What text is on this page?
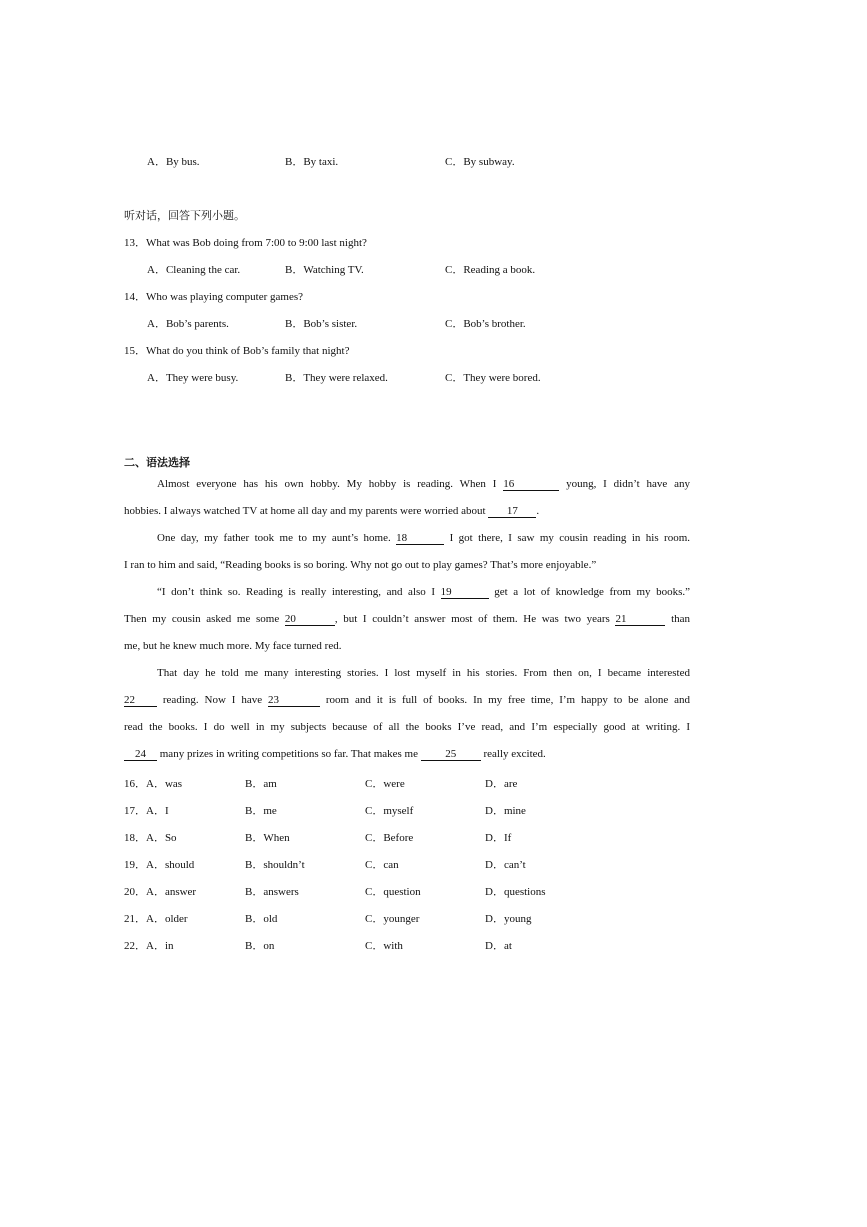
A．By bus.	B．By taxi.	C．By subway.
听对话，回答下列小题。
13．What was Bob doing from 7:00 to 9:00 last night?
A．Cleaning the car.	B．Watching TV.	C．Reading a book.
14．Who was playing computer games?
A．Bob’s parents.	B．Bob’s sister.	C．Bob’s brother.
15．What do you think of Bob’s family that night?
A．They were busy.	B．They were relaxed.	C．They were bored.
二、语法选择
Almost everyone has his own hobby. My hobby is reading. When I 16	young, I didn’t have any
hobbies. I always watched TV at home all day and my parents were worried about 17 .
One day, my father took me to my aunt’s home. 18	I got there, I saw my cousin reading in his room.
I ran to him and said, “Reading books is so boring. Why not go out to play games? That’s more enjoyable.”
“I don’t think so. Reading is really interesting, and also I 19	get a lot of knowledge from my books.”
Then my cousin asked me some 20	, but I couldn’t answer most of them. He was two years 21	than
me, but he knew much more. My face turned red.
That day he told me many interesting stories. I lost myself in his stories. From then on, I became interested
22	reading. Now I have 23	room and it is full of books. In my free time, I’m happy to be alone and
read the books. I do well in my subjects because of all the books I’ve read, and I’m especially good at writing. I
24 many prizes in writing competitions so far. That makes me 25 really excited.
16．A．was	B．am	C．were	D．are
17．A．I	B．me	C．myself	D．mine
18．A．So	B．When	C．Before	D．If
19．A．should	B．shouldn’t	C．can	D．can’t
20．A．answer	B．answers	C．question	D．questions
21．A．older	B．old	C．younger	D．young
22．A．in	B．on	C．with	D．at
